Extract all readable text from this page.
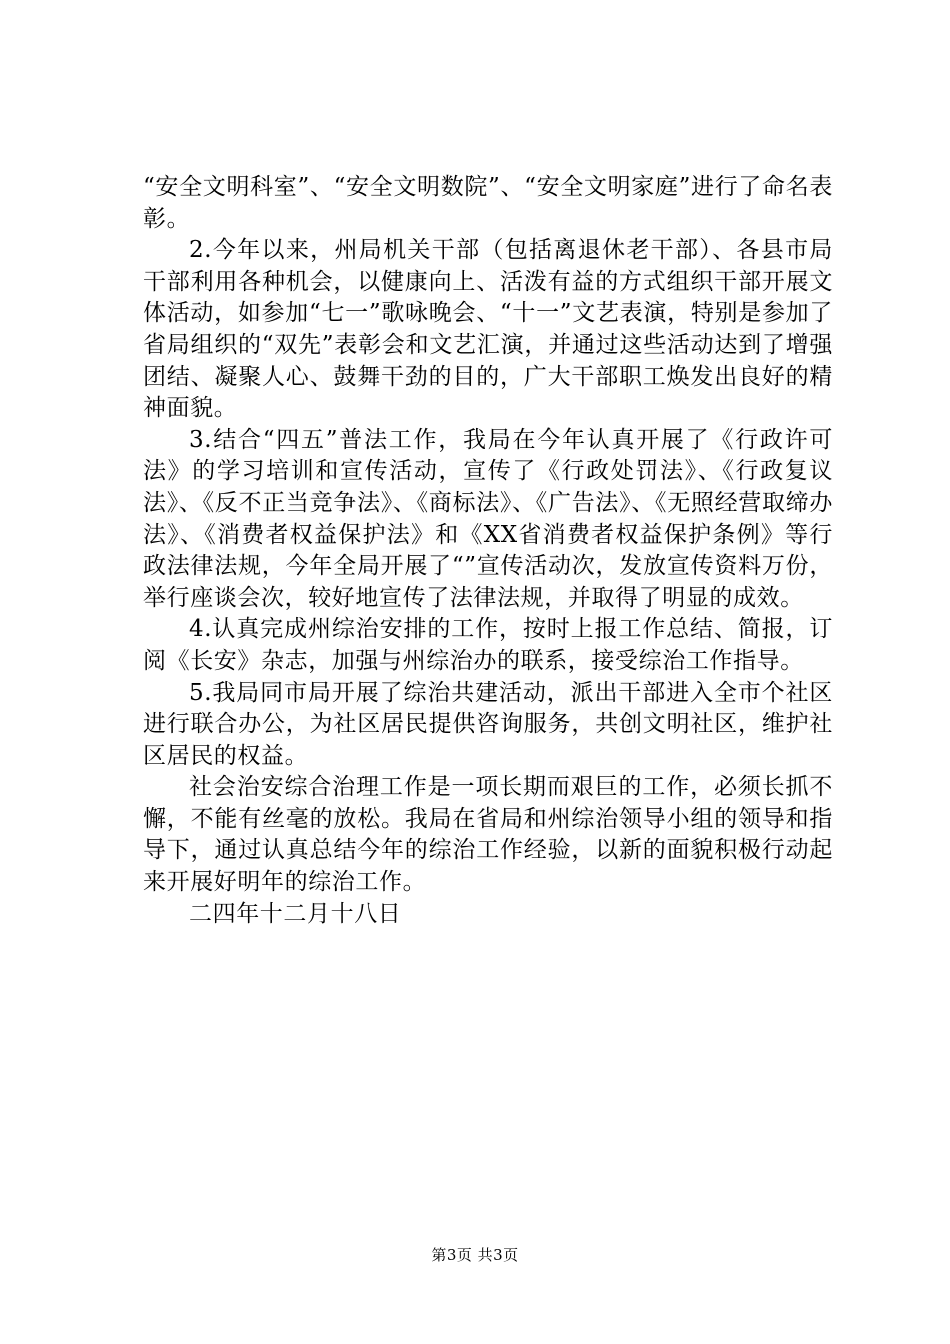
“安全文明科室”、“安全文明数院”、“安全文明家庭”进行了命名表彰。

2.今年以来，州局机关干部（包括离退休老干部）、各县市局干部利用各种机会，以健康向上、活泼有益的方式组织干部开展文体活动，如参加“七一”歌咏晚会、“十一”文艺表演，特别是参加了省局组织的“双先”表彰会和文艺汇演，并通过这些活动达到了增强团结、凝聚人心、鼓舞干劲的目的，广大干部职工焕发出良好的精神面貌。

3.结合“四五”普法工作，我局在今年认真开展了《行政许可法》的学习培训和宣传活动，宣传了《行政处罚法》、《行政复议法》、《反不正当竞争法》、《商标法》、《广告法》、《无照经营取缔办法》、《消费者权益保护法》和《XX省消费者权益保护条例》等行政法律法规，今年全局开展了“”宣传活动次，发放宣传资料万份，举行座谈会次，较好地宣传了法律法规，并取得了明显的成效。

4.认真完成州综治安排的工作，按时上报工作总结、简报，订阅《长安》杂志，加强与州综治办的联系，接受综治工作指导。

5.我局同市局开展了综治共建活动，派出干部进入全市个社区进行联合办公，为社区居民提供咨询服务，共创文明社区，维护社区居民的权益。

社会治安综合治理工作是一项长期而艰巨的工作，必须长抓不懈，不能有丝毫的放松。我局在省局和州综治领导小组的领导和指导下，通过认真总结今年的综治工作经验，以新的面貌积极行动起来开展好明年的综治工作。

二四年十二月十八日

第3页 共3页
